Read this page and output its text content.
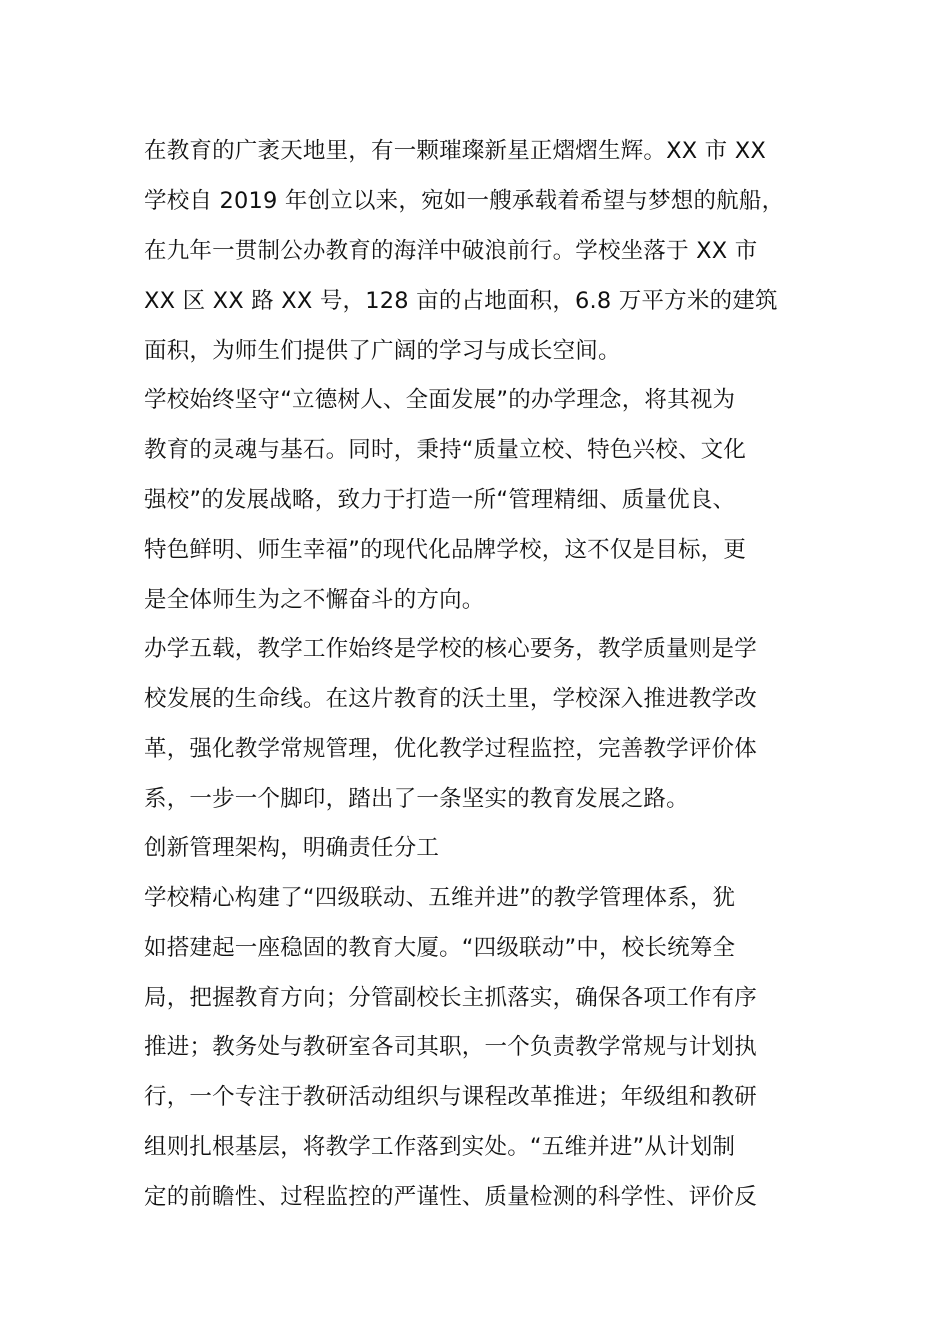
在教育的广袤天地里，有一颗璀璨新星正熠熠生辉。XX 市 XX
学校自 2019 年创立以来，宛如一艘承载着希望与梦想的航船，
在九年一贯制公办教育的海洋中破浪前行。学校坐落于 XX 市
XX 区 XX 路 XX 号，128 亩的占地面积，6.8 万平方米的建筑
面积，为师生们提供了广阔的学习与成长空间。
学校始终坚守“立德树人、全面发展”的办学理念，将其视为
教育的灵魂与基石。同时，秉持“质量立校、特色兴校、文化
强校”的发展战略，致力于打造一所“管理精细、质量优良、
特色鲜明、师生幸福”的现代化品牌学校，这不仅是目标，更
是全体师生为之不懈奋斗的方向。
办学五载，教学工作始终是学校的核心要务，教学质量则是学
校发展的生命线。在这片教育的沃土里，学校深入推进教学改
革，强化教学常规管理，优化教学过程监控，完善教学评价体
系，一步一个脚印，踏出了一条坚实的教育发展之路。
创新管理架构，明确责任分工
学校精心构建了“四级联动、五维并进”的教学管理体系，犹
如搭建起一座稳固的教育大厦。“四级联动”中，校长统筹全
局，把握教育方向；分管副校长主抓落实，确保各项工作有序
推进；教务处与教研室各司其职，一个负责教学常规与计划执
行，一个专注于教研活动组织与课程改革推进；年级组和教研
组则扎根基层，将教学工作落到实处。“五维并进”从计划制
定的前瞻性、过程监控的严谨性、质量检测的科学性、评价反
